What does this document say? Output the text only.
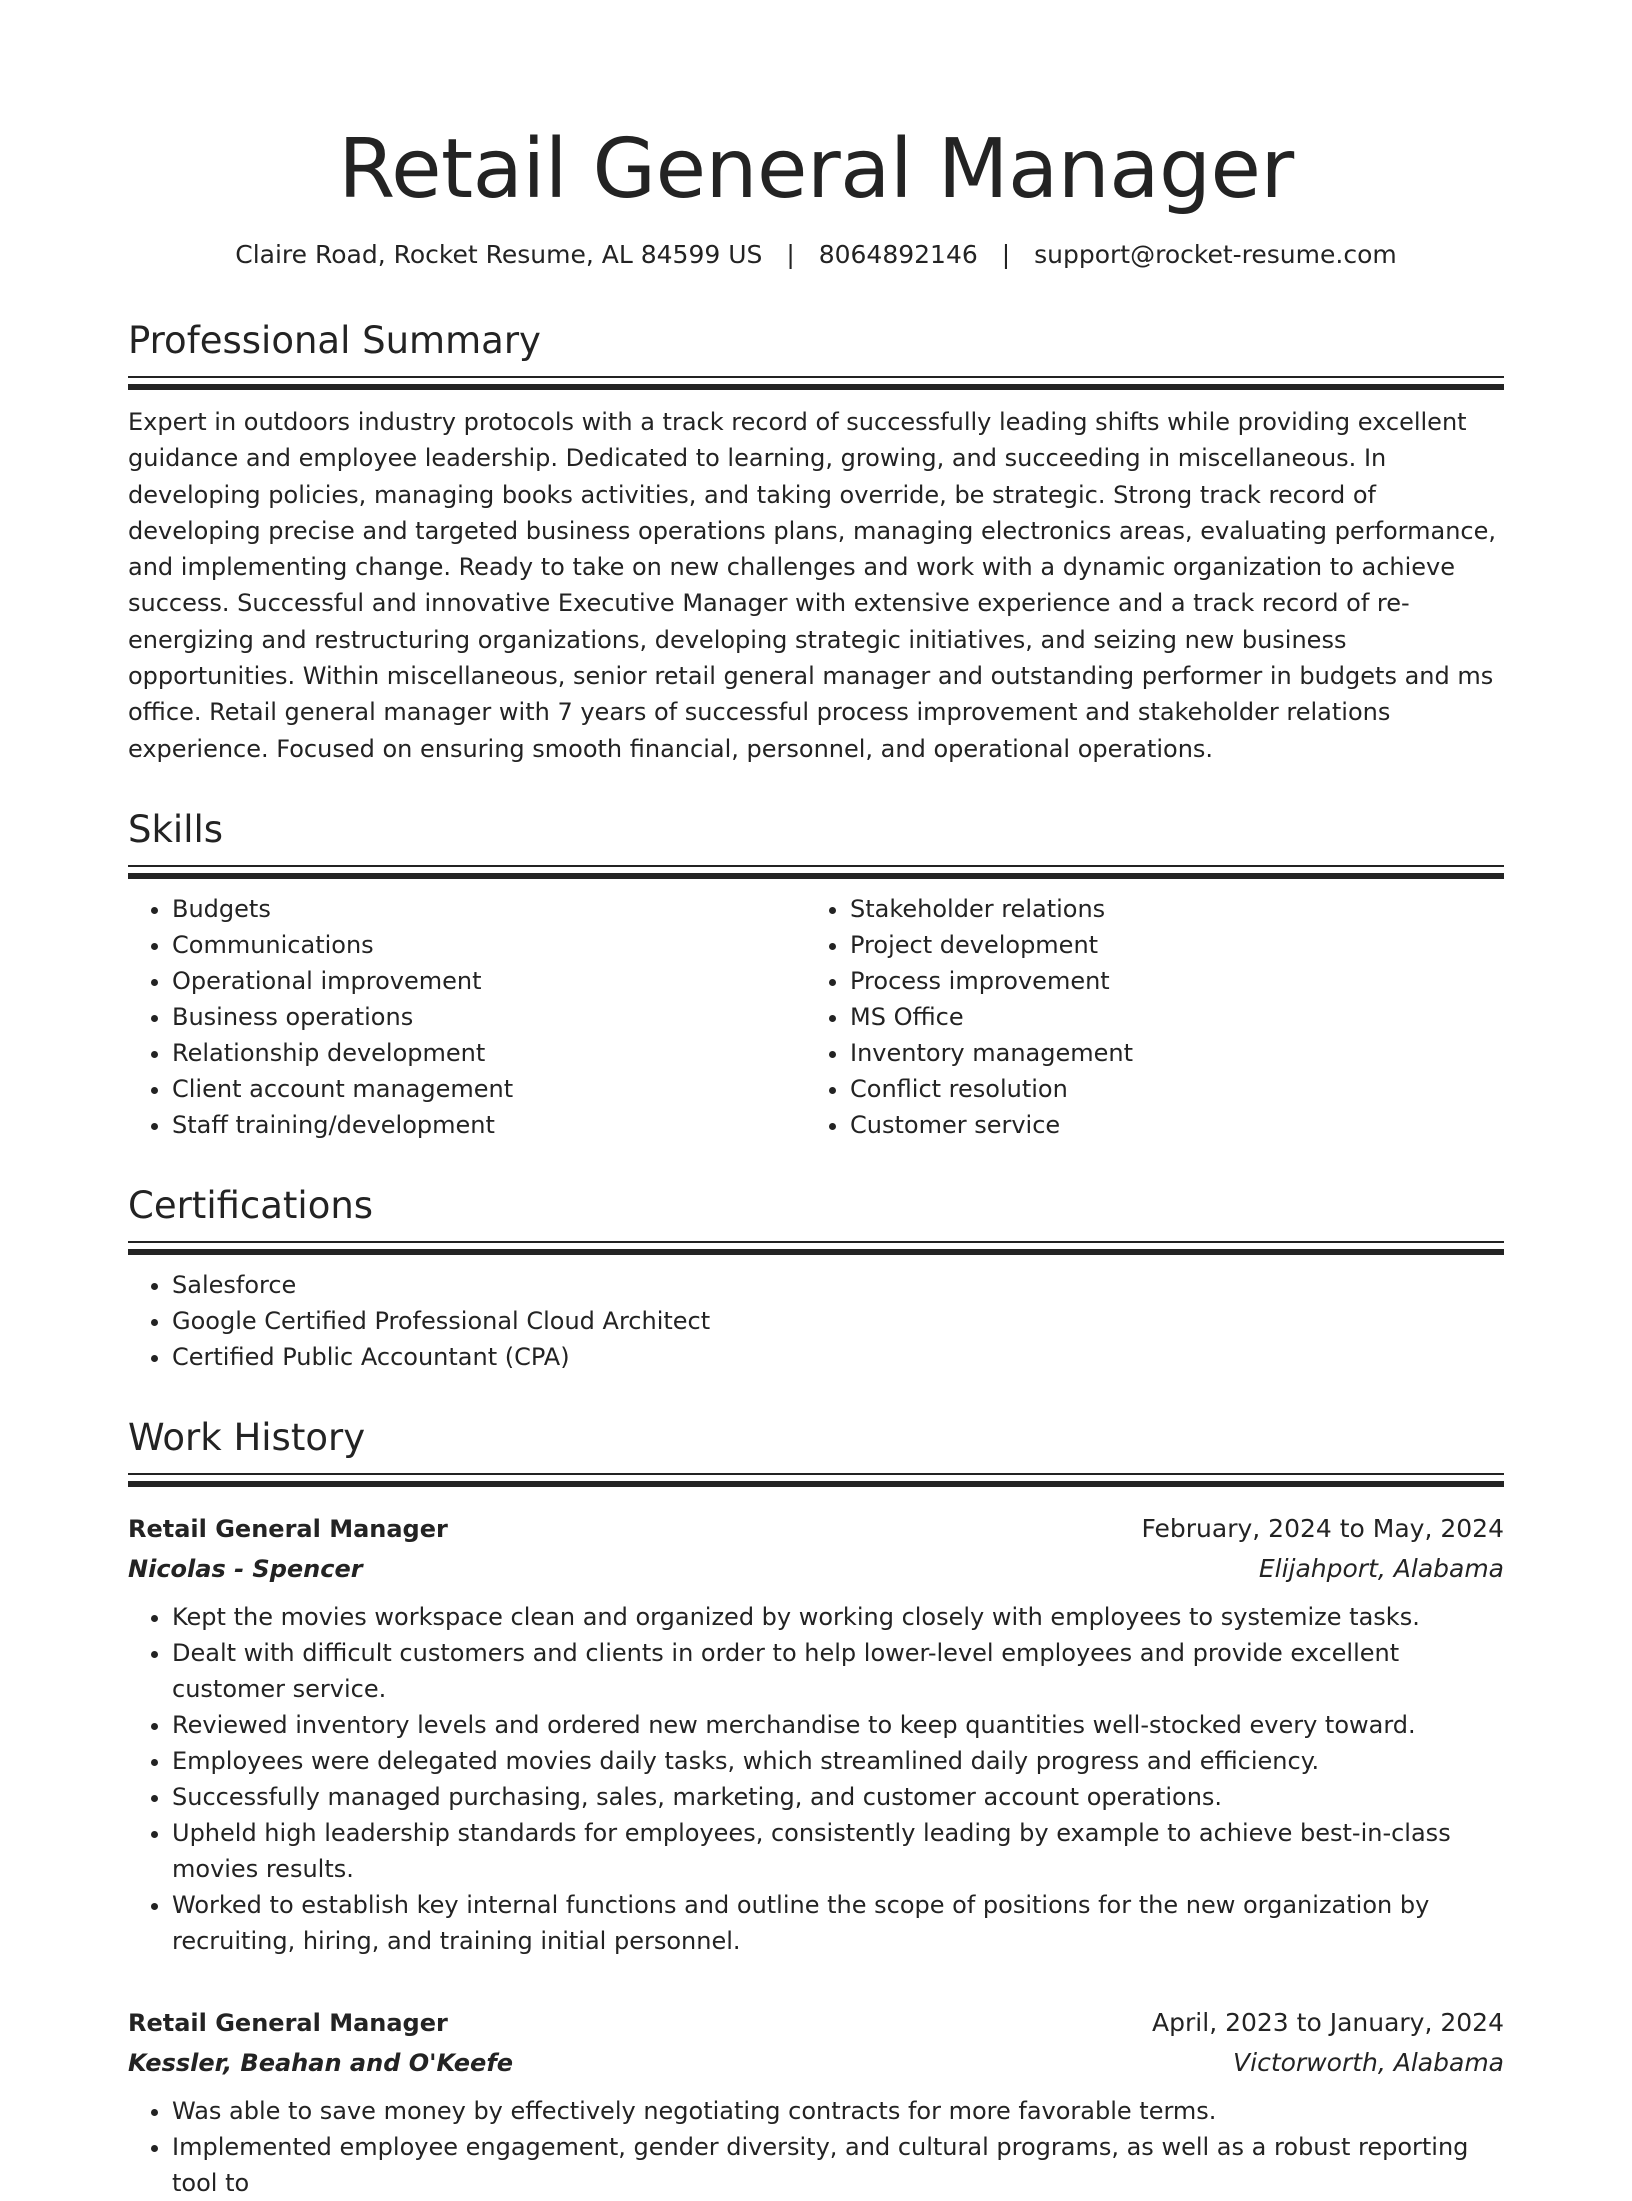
Retail General Manager
Claire Road, Rocket Resume, AL 84599 US | 8064892146 | support@rocket-resume.com
Professional Summary
Expert in outdoors industry protocols with a track record of successfully leading shifts while providing excellent guidance and employee leadership. Dedicated to learning, growing, and succeeding in miscellaneous. In developing policies, managing books activities, and taking override, be strategic. Strong track record of developing precise and targeted business operations plans, managing electronics areas, evaluating performance, and implementing change. Ready to take on new challenges and work with a dynamic organization to achieve success. Successful and innovative Executive Manager with extensive experience and a track record of re-energizing and restructuring organizations, developing strategic initiatives, and seizing new business opportunities. Within miscellaneous, senior retail general manager and outstanding performer in budgets and ms office. Retail general manager with 7 years of successful process improvement and stakeholder relations experience. Focused on ensuring smooth financial, personnel, and operational operations.
Skills
• Budgets
• Communications
• Operational improvement
• Business operations
• Relationship development
• Client account management
• Staff training/development
• Stakeholder relations
• Project development
• Process improvement
• MS Office
• Inventory management
• Conflict resolution
• Customer service
Certifications
• Salesforce
• Google Certified Professional Cloud Architect
• Certified Public Accountant (CPA)
Work History
Retail General Manager	February, 2024 to May, 2024
Nicolas - Spencer	Elijahport, Alabama
• Kept the movies workspace clean and organized by working closely with employees to systemize tasks.
• Dealt with difficult customers and clients in order to help lower-level employees and provide excellent customer service.
• Reviewed inventory levels and ordered new merchandise to keep quantities well-stocked every toward.
• Employees were delegated movies daily tasks, which streamlined daily progress and efficiency.
• Successfully managed purchasing, sales, marketing, and customer account operations.
• Upheld high leadership standards for employees, consistently leading by example to achieve best-in-class movies results.
• Worked to establish key internal functions and outline the scope of positions for the new organization by recruiting, hiring, and training initial personnel.
Retail General Manager	April, 2023 to January, 2024
Kessler, Beahan and O'Keefe	Victorworth, Alabama
• Was able to save money by effectively negotiating contracts for more favorable terms.
• Implemented employee engagement, gender diversity, and cultural programs, as well as a robust reporting tool to
